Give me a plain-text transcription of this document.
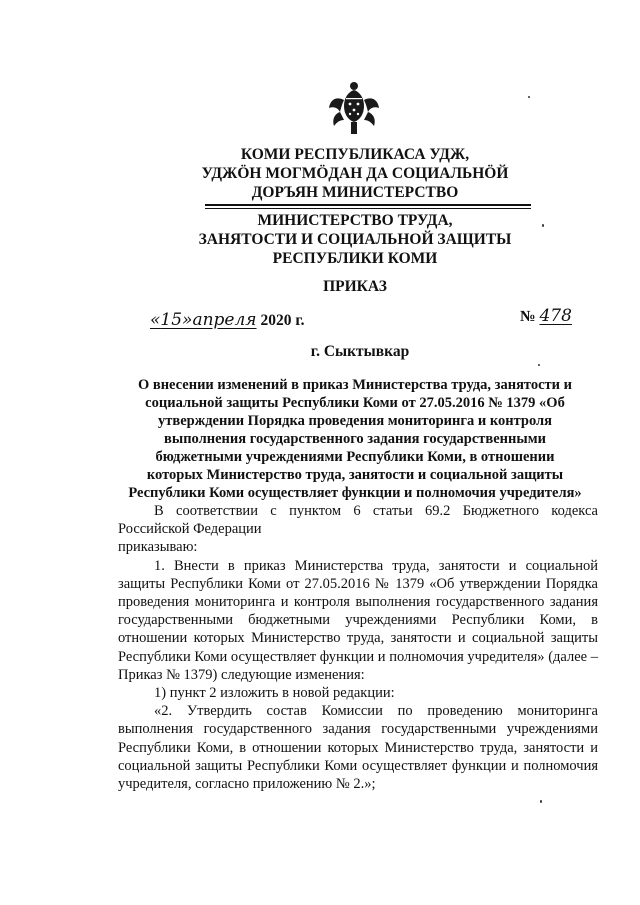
КОМИ РЕСПУБЛИКАСА УДЖ,
УДЖӦН МОГМӦДАН ДА СОЦИАЛЬНӦЙ
ДОРЪЯН МИНИСТЕРСТВО
МИНИСТЕРСТВО ТРУДА,
ЗАНЯТОСТИ И СОЦИАЛЬНОЙ ЗАЩИТЫ
РЕСПУБЛИКИ КОМИ
ПРИКАЗ
«15»апреля 2020 г.	№ 478
г. Сыктывкар
О внесении изменений в приказ Министерства труда, занятости и
социальной защиты Республики Коми от 27.05.2016 № 1379 «Об
утверждении Порядка проведения мониторинга и контроля
выполнения государственного задания государственными
бюджетными учреждениями Республики Коми, в отношении
которых Министерство труда, занятости и социальной защиты
Республики Коми осуществляет функции и полномочия учредителя»

В соответствии с пунктом 6 статьи 69.2 Бюджетного кодекса Российской Федерации

приказываю:

1. Внести в приказ Министерства труда, занятости и социальной защиты Республики Коми от 27.05.2016 № 1379 «Об утверждении Порядка проведения мониторинга и контроля выполнения государственного задания государственными бюджетными учреждениями Республики Коми, в отношении которых Министерство труда, занятости и социальной защиты Республики Коми осуществляет функции и полномочия учредителя» (далее – Приказ № 1379) следующие изменения:

1) пункт 2 изложить в новой редакции:

«2. Утвердить состав Комиссии по проведению мониторинга выполнения государственного задания государственными учреждениями Республики Коми, в отношении которых Министерство труда, занятости и социальной защиты Республики Коми осуществляет функции и полномочия учредителя, согласно приложению № 2.»;
